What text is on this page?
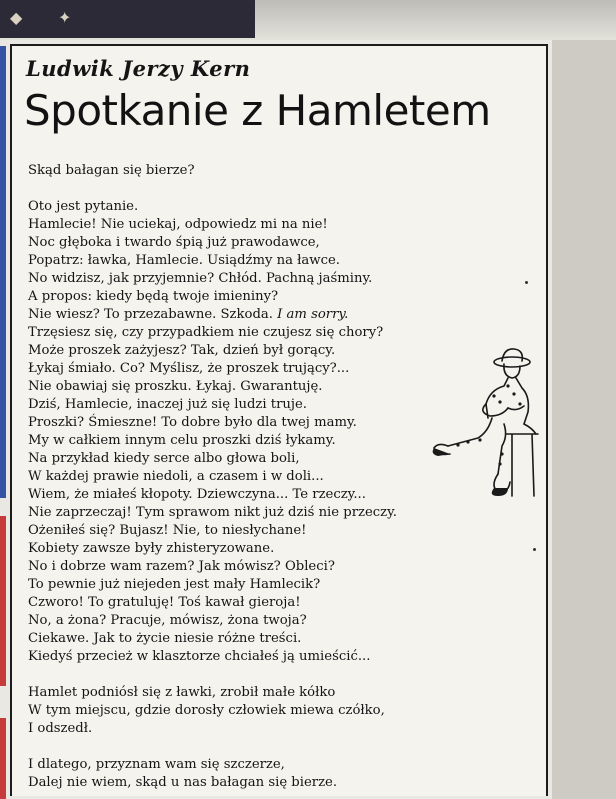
◆ ✦
Ludwik Jerzy Kern
Spotkanie z Hamletem

Skąd bałagan się bierze?

Oto jest pytanie.
Hamlecie! Nie uciekaj, odpowiedz mi na nie!
Noc głęboka i twardo śpią już prawodawce,
Popatrz: ławka, Hamlecie. Usiądźmy na ławce.
No widzisz, jak przyjemnie? Chłód. Pachną jaśminy.
A propos: kiedy będą twoje imieniny?
Nie wiesz? To przezabawne. Szkoda. I am sorry.
Trzęsiesz się, czy przypadkiem nie czujesz się chory?
Może proszek zażyjesz? Tak, dzień był gorący.
Łykaj śmiało. Co? Myślisz, że proszek trujący?...
Nie obawiaj się proszku. Łykaj. Gwarantuję.
Dziś, Hamlecie, inaczej już się ludzi truje.
Proszki? Śmieszne! To dobre było dla twej mamy.
My w całkiem innym celu proszki dziś łykamy.
Na przykład kiedy serce albo głowa boli,
W każdej prawie niedoli, a czasem i w doli...
Wiem, że miałeś kłopoty. Dziewczyna... Te rzeczy...
Nie zaprzeczaj! Tym sprawom nikt już dziś nie przeczy.
Ożeniłeś się? Bujasz! Nie, to niesłychane!
Kobiety zawsze były zhisteryzowane.
No i dobrze wam razem? Jak mówisz? Obleci?
To pewnie już niejeden jest mały Hamlecik?
Czworo! To gratuluję! Toś kawał gieroja!
No, a żona? Pracuje, mówisz, żona twoja?
Ciekawe. Jak to życie niesie różne treści.
Kiedyś przecież w klasztorze chciałeś ją umieścić...

Hamlet podniósł się z ławki, zrobił małe kółko
W tym miejscu, gdzie dorosły człowiek miewa czółko,
I odszedł.

I dlatego, przyznam wam się szczerze,
Dalej nie wiem, skąd u nas bałagan się bierze.
